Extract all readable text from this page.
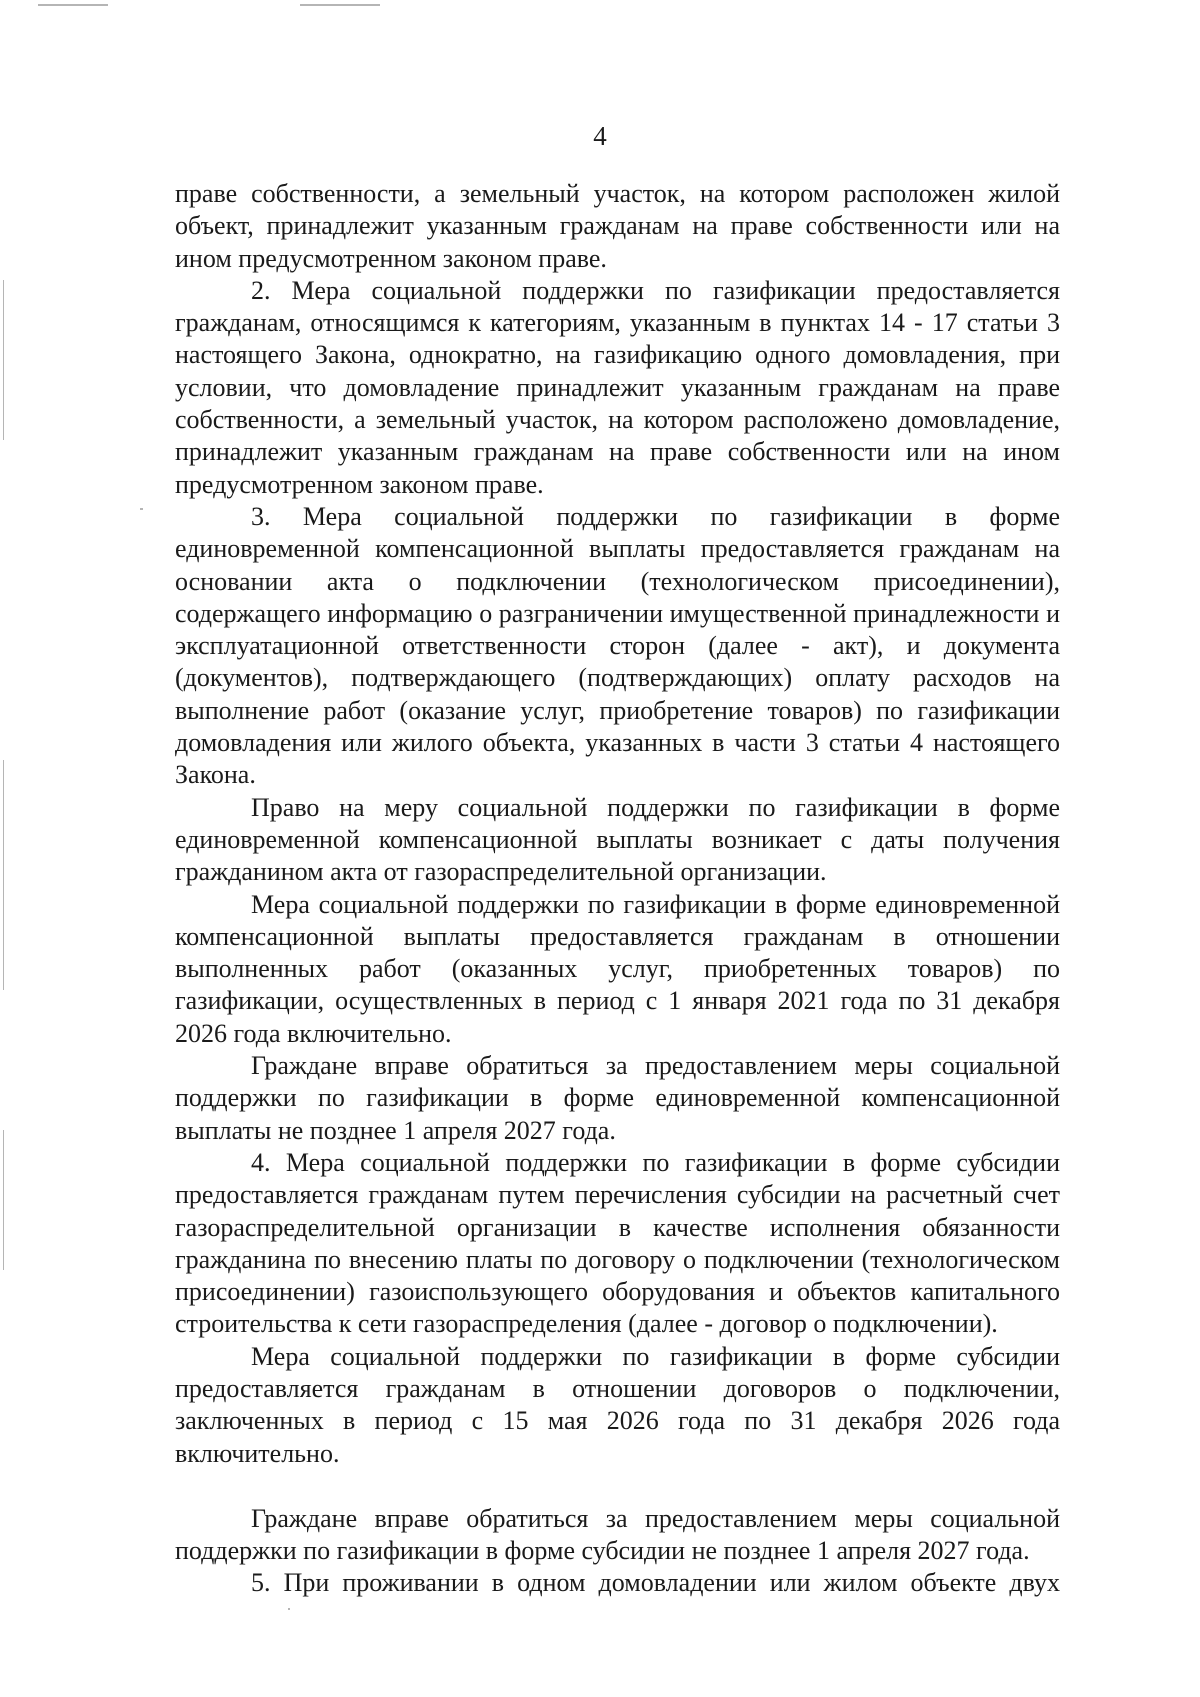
4

праве собственности, а земельный участок, на котором расположен жилой объект, принадлежит указанным гражданам на праве собственности или на ином предусмотренном законом праве.

2. Мера социальной поддержки по газификации предоставляется гражданам, относящимся к категориям, указанным в пунктах 14 - 17 статьи 3 настоящего Закона, однократно, на газификацию одного домовладения, при условии, что домовладение принадлежит указанным гражданам на праве собственности, а земельный участок, на котором расположено домовладение, принадлежит указанным гражданам на праве собственности или на ином предусмотренном законом праве.

3. Мера социальной поддержки по газификации в форме единовременной компенсационной выплаты предоставляется гражданам на основании акта о подключении (технологическом присоединении), содержащего информацию о разграничении имущественной принадлежности и эксплуатационной ответственности сторон (далее - акт), и документа (документов), подтверждающего (подтверждающих) оплату расходов на выполнение работ (оказание услуг, приобретение товаров) по газификации домовладения или жилого объекта, указанных в части 3 статьи 4 настоящего Закона.

Право на меру социальной поддержки по газификации в форме единовременной компенсационной выплаты возникает с даты получения гражданином акта от газораспределительной организации.

Мера социальной поддержки по газификации в форме единовременной компенсационной выплаты предоставляется гражданам в отношении выполненных работ (оказанных услуг, приобретенных товаров) по газификации, осуществленных в период с 1 января 2021 года по 31 декабря 2026 года включительно.

Граждане вправе обратиться за предоставлением меры социальной поддержки по газификации в форме единовременной компенсационной выплаты не позднее 1 апреля 2027 года.

4. Мера социальной поддержки по газификации в форме субсидии предоставляется гражданам путем перечисления субсидии на расчетный счет газораспределительной организации в качестве исполнения обязанности гражданина по внесению платы по договору о подключении (технологическом присоединении) газоиспользующего оборудования и объектов капитального строительства к сети газораспределения (далее - договор о подключении).

Мера социальной поддержки по газификации в форме субсидии предоставляется гражданам в отношении договоров о подключении, заключенных в период с 15 мая 2026 года по 31 декабря 2026 года включительно.

Граждане вправе обратиться за предоставлением меры социальной поддержки по газификации в форме субсидии не позднее 1 апреля 2027 года.

5. При проживании в одном домовладении или жилом объекте двух
